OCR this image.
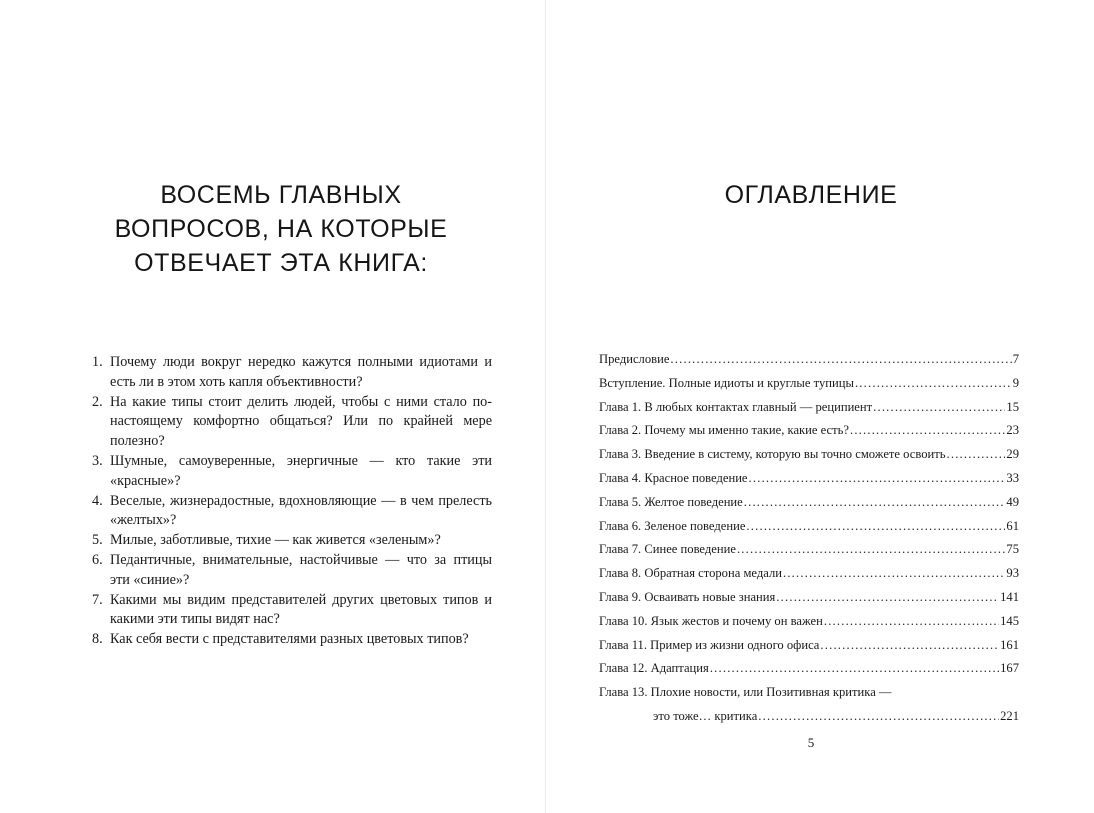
ВОСЕМЬ ГЛАВНЫХ
ВОПРОСОВ, НА КОТОРЫЕ
ОТВЕЧАЕТ ЭТА КНИГА:
1. Почему люди вокруг нередко кажутся полными идиотами и есть ли в этом хоть капля объективности?
2. На какие типы стоит делить людей, чтобы с ними стало по-настоящему комфортно общаться? Или по крайней мере полезно?
3. Шумные, самоуверенные, энергичные — кто такие эти «красные»?
4. Веселые, жизнерадостные, вдохновляющие — в чем прелесть «желтых»?
5. Милые, заботливые, тихие — как живется «зеленым»?
6. Педантичные, внимательные, настойчивые — что за птицы эти «синие»?
7. Какими мы видим представителей других цветовых типов и какими эти типы видят нас?
8. Как себя вести с представителями разных цветовых типов?
ОГЛАВЛЕНИЕ
Предисловие .....	7
Вступление. Полные идиоты и круглые тупицы .....	9
Глава 1. В любых контактах главный — реципиент .....	15
Глава 2. Почему мы именно такие, какие есть? .....	23
Глава 3. Введение в систему, которую вы точно сможете освоить .....	29
Глава 4. Красное поведение .....	33
Глава 5. Желтое поведение .....	49
Глава 6. Зеленое поведение .....	61
Глава 7. Синее поведение .....	75
Глава 8. Обратная сторона медали .....	93
Глава 9. Осваивать новые знания .....	141
Глава 10. Язык жестов и почему он важен .....	145
Глава 11. Пример из жизни одного офиса .....	161
Глава 12. Адаптация .....	167
Глава 13. Плохие новости, или Позитивная критика —
это тоже… критика .....	221
5
